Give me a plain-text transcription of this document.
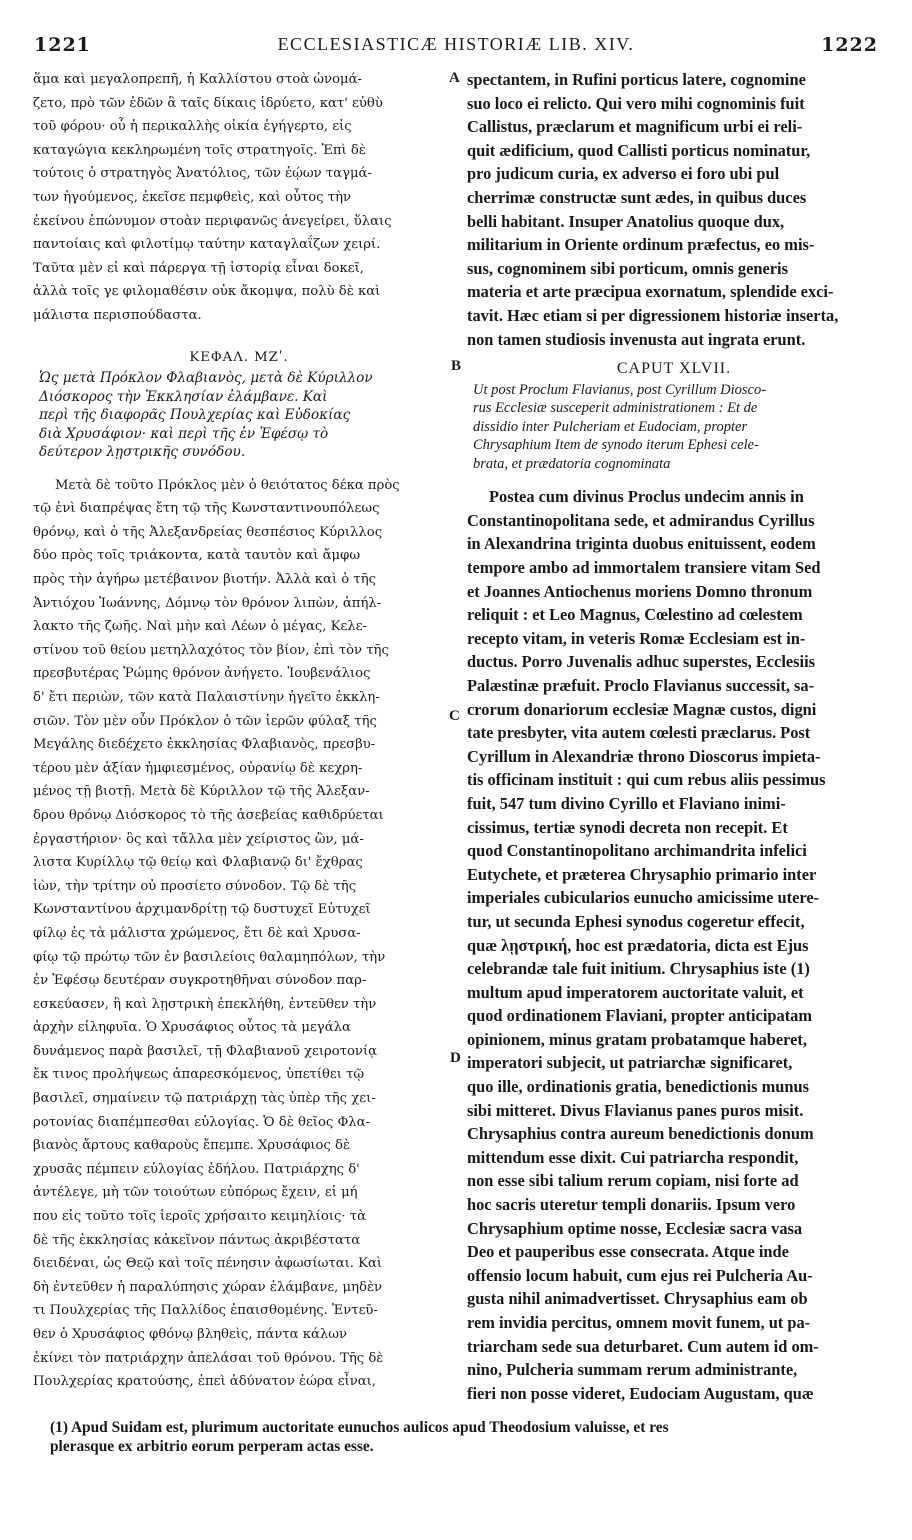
1221	ECCLESIASTICÆ HISTORIÆ LIB. XIV.	1222
A
B
C
D
ἅμα καὶ μεγαλοπρεπῆ, ἡ Καλλίστου στοὰ ὠνομά-
ζετο, πρὸ τῶν ἐδῶν ἃ ταῖς δίκαις ἱδρύετο, κατ' εὐθὺ
τοῦ φόρου· οὗ ἡ περικαλλὴς οἰκία ἐγήγερτο, εἰς
καταγώγια κεκληρωμένη τοῖς στρατηγοῖς. Ἐπὶ δὲ
τούτοις ὁ στρατηγὸς Ἀνατόλιος, τῶν ἑῴων ταγμά-
των ἡγούμενος, ἐκεῖσε πεμφθεὶς, καὶ οὗτος τὴν
ἐκείνου ἐπώνυμον στοὰν περιφανῶς ἀνεγείρει, ὕλαις
παντοίαις καὶ φιλοτίμῳ ταύτην καταγλαΐζων χειρί.
Ταῦτα μὲν εἰ καὶ πάρεργα τῇ ἱστορίᾳ εἶναι δοκεῖ,
ἀλλὰ τοῖς γε φιλομαθέσιν οὐκ ἄκομψα, πολὺ δὲ καὶ
μάλιστα περισπούδαστα.
ΚΕΦΑΛ. ΜΖʹ.
Ὡς μετὰ Πρόκλον Φλαβιανὸς, μετὰ δὲ Κύριλλον
Διόσκορος τὴν Ἐκκλησίαν ἐλάμβανε. Καὶ
περὶ τῆς διαφορᾶς Πουλχερίας καὶ Εὐδοκίας
διὰ Χρυσάφιον· καὶ περὶ τῆς ἐν Ἐφέσῳ τὸ
δεύτερον λῃστρικῆς συνόδου.
Μετὰ δὲ τοῦτο Πρόκλος μὲν ὁ θειότατος δέκα πρὸς
τῷ ἑνὶ διαπρέψας ἔτη τῷ τῆς Κωνσταντινουπόλεως
θρόνῳ, καὶ ὁ τῆς Ἀλεξανδρείας θεσπέσιος Κύριλλος
δύο πρὸς τοῖς τριάκοντα, κατὰ ταυτὸν καὶ ἄμφω
πρὸς τὴν ἀγήρω μετέβαινον βιοτήν. Ἀλλὰ καὶ ὁ τῆς
Ἀντιόχου Ἰωάννης, Δόμνῳ τὸν θρόνον λιπὼν, ἀπήλ-
λακτο τῆς ζωῆς. Ναὶ μὴν καὶ Λέων ὁ μέγας, Κελε-
στίνου τοῦ θείου μετηλλαχότος τὸν βίον, ἐπὶ τὸν τῆς
πρεσβυτέρας Ῥώμης θρόνον ἀνήγετο. Ἰουβενάλιος
δ' ἔτι περιὼν, τῶν κατὰ Παλαιστίνην ἡγεῖτο ἐκκλη-
σιῶν. Τὸν μὲν οὖν Πρόκλον ὁ τῶν ἱερῶν φύλαξ τῆς
Μεγάλης διεδέχετο ἐκκλησίας Φλαβιανὸς, πρεσβυ-
τέρου μὲν ἀξίαν ἠμφιεσμένος, οὐρανίῳ δὲ κεχρη-
μένος τῇ βιοτῇ. Μετὰ δὲ Κύριλλον τῷ τῆς Ἀλεξαν-
δρου θρόνῳ Διόσκορος τὸ τῆς ἀσεβείας καθιδρύεται
ἐργαστήριον· ὃς καὶ τἄλλα μὲν χείριστος ὢν, μά-
λιστα Κυρίλλῳ τῷ θείῳ καὶ Φλαβιανῷ δι' ἔχθρας
ἰὼν, τὴν τρίτην οὐ προσίετο σύνοδον. Τῷ δὲ τῆς
Κωνσταντίνου ἀρχιμανδρίτῃ τῷ δυστυχεῖ Εὐτυχεῖ
φίλῳ ἐς τὰ μάλιστα χρώμενος, ἔτι δὲ καὶ Χρυσα-
φίῳ τῷ πρώτῳ τῶν ἐν βασιλείοις θαλαμηπόλων, τὴν
ἐν Ἐφέσῳ δευτέραν συγκροτηθῆναι σύνοδον παρ-
εσκεύασεν, ἣ καὶ λῃστρικὴ ἐπεκλήθη, ἐντεῦθεν τὴν
ἀρχὴν εἰληφυῖα. Ὁ Χρυσάφιος οὗτος τὰ μεγάλα
δυνάμενος παρὰ βασιλεῖ, τῇ Φλαβιανοῦ χειροτονίᾳ
ἔκ τινος προλήψεως ἀπαρεσκόμενος, ὑπετίθει τῷ
βασιλεῖ, σημαίνειν τῷ πατριάρχῃ τὰς ὑπὲρ τῆς χει-
ροτονίας διαπέμπεσθαι εὐλογίας. Ὁ δὲ θεῖος Φλα-
βιανὸς ἄρτους καθαροὺς ἔπεμπε. Χρυσάφιος δὲ
χρυσᾶς πέμπειν εὐλογίας ἐδήλου. Πατριάρχης δ'
ἀντέλεγε, μὴ τῶν τοιούτων εὐπόρως ἔχειν, εἰ μή
που εἰς τοῦτο τοῖς ἱεροῖς χρήσαιτο κειμηλίοις· τὰ
δὲ τῆς ἐκκλησίας κἀκεῖνον πάντως ἀκριβέστατα
διειδέναι, ὡς Θεῷ καὶ τοῖς πένησιν ἀφωσίωται. Καὶ
δὴ ἐντεῦθεν ἡ παραλύπησις χώραν ἐλάμβανε, μηδὲν
τι Πουλχερίας τῆς Παλλίδος ἐπαισθομένης. Ἐντεῦ-
θεν ὁ Χρυσάφιος φθόνῳ βληθεὶς, πάντα κάλων
ἐκίνει τὸν πατριάρχην ἀπελάσαι τοῦ θρόνου. Τῆς δὲ
Πουλχερίας κρατούσης, ἐπεὶ ἀδύνατον ἑώρα εἶναι,
spectantem, in Rufini porticus latere, cognomine
suo loco ei relicto. Qui vero mihi cognominis fuit
Callistus, præclarum et magnificum urbi ei reli-
quit ædificium, quod Callisti porticus nominatur,
pro judicum curia, ex adverso ei foro ubi pul
cherrimæ constructæ sunt ædes, in quibus duces
belli habitant. Insuper Anatolius quoque dux,
militarium in Oriente ordinum præfectus, eo mis-
sus, cognominem sibi porticum, omnis generis
materia et arte præcipua exornatum, splendide exci-
tavit. Hæc etiam si per digressionem historiæ inserta,
non tamen studiosis invenusta aut ingrata erunt.
CAPUT XLVII.
Ut post Proclum Flavianus, post Cyrillum Diosco-
rus Ecclesiæ susceperit administrationem : Et de
dissidio inter Pulcheriam et Eudociam, propter
Chrysaphium Item de synodo iterum Ephesi cele-
brata, et prædatoria cognominata
Postea cum divinus Proclus undecim annis in
Constantinopolitana sede, et admirandus Cyrillus
in Alexandrina triginta duobus enituissent, eodem
tempore ambo ad immortalem transiere vitam Sed
et Joannes Antiochenus moriens Domno thronum
reliquit : et Leo Magnus, Cœlestino ad cœlestem
recepto vitam, in veteris Romæ Ecclesiam est in-
ductus. Porro Juvenalis adhuc superstes, Ecclesiis
Palæstinæ præfuit. Proclo Flavianus successit, sa-
crorum donariorum ecclesiæ Magnæ custos, digni
tate presbyter, vita autem cœlesti præclarus. Post
Cyrillum in Alexandriæ throno Dioscorus impieta-
tis officinam instituit : qui cum rebus aliis pessimus
fuit, 547 tum divino Cyrillo et Flaviano inimi-
cissimus, tertiæ synodi decreta non recepit. Et
quod Constantinopolitano archimandrita infelici
Eutychete, et præterea Chrysaphio primario inter
imperiales cubicularios eunucho amicissime utere-
tur, ut secunda Ephesi synodus cogeretur effecit,
quæ λῃστρική, hoc est prædatoria, dicta est Ejus
celebrandæ tale fuit initium. Chrysaphius iste (1)
multum apud imperatorem auctoritate valuit, et
quod ordinationem Flaviani, propter anticipatam
opinionem, minus gratam probatamque haberet,
imperatori subjecit, ut patriarchæ significaret,
quo ille, ordinationis gratia, benedictionis munus
sibi mitteret. Divus Flavianus panes puros misit.
Chrysaphius contra aureum benedictionis donum
mittendum esse dixit. Cui patriarcha respondit,
non esse sibi talium rerum copiam, nisi forte ad
hoc sacris uteretur templi donariis. Ipsum vero
Chrysaphium optime nosse, Ecclesiæ sacra vasa
Deo et pauperibus esse consecrata. Atque inde
offensio locum habuit, cum ejus rei Pulcheria Au-
gusta nihil animadvertisset. Chrysaphius eam ob
rem invidia percitus, omnem movit funem, ut pa-
triarcham sede sua deturbaret. Cum autem id om-
nino, Pulcheria summam rerum administrante,
fieri non posse videret, Eudociam Augustam, quæ
(1) Apud Suidam est, plurimum auctoritate eunuchos aulicos apud Theodosium valuisse, et res
plerasque ex arbitrio eorum perperam actas esse.
